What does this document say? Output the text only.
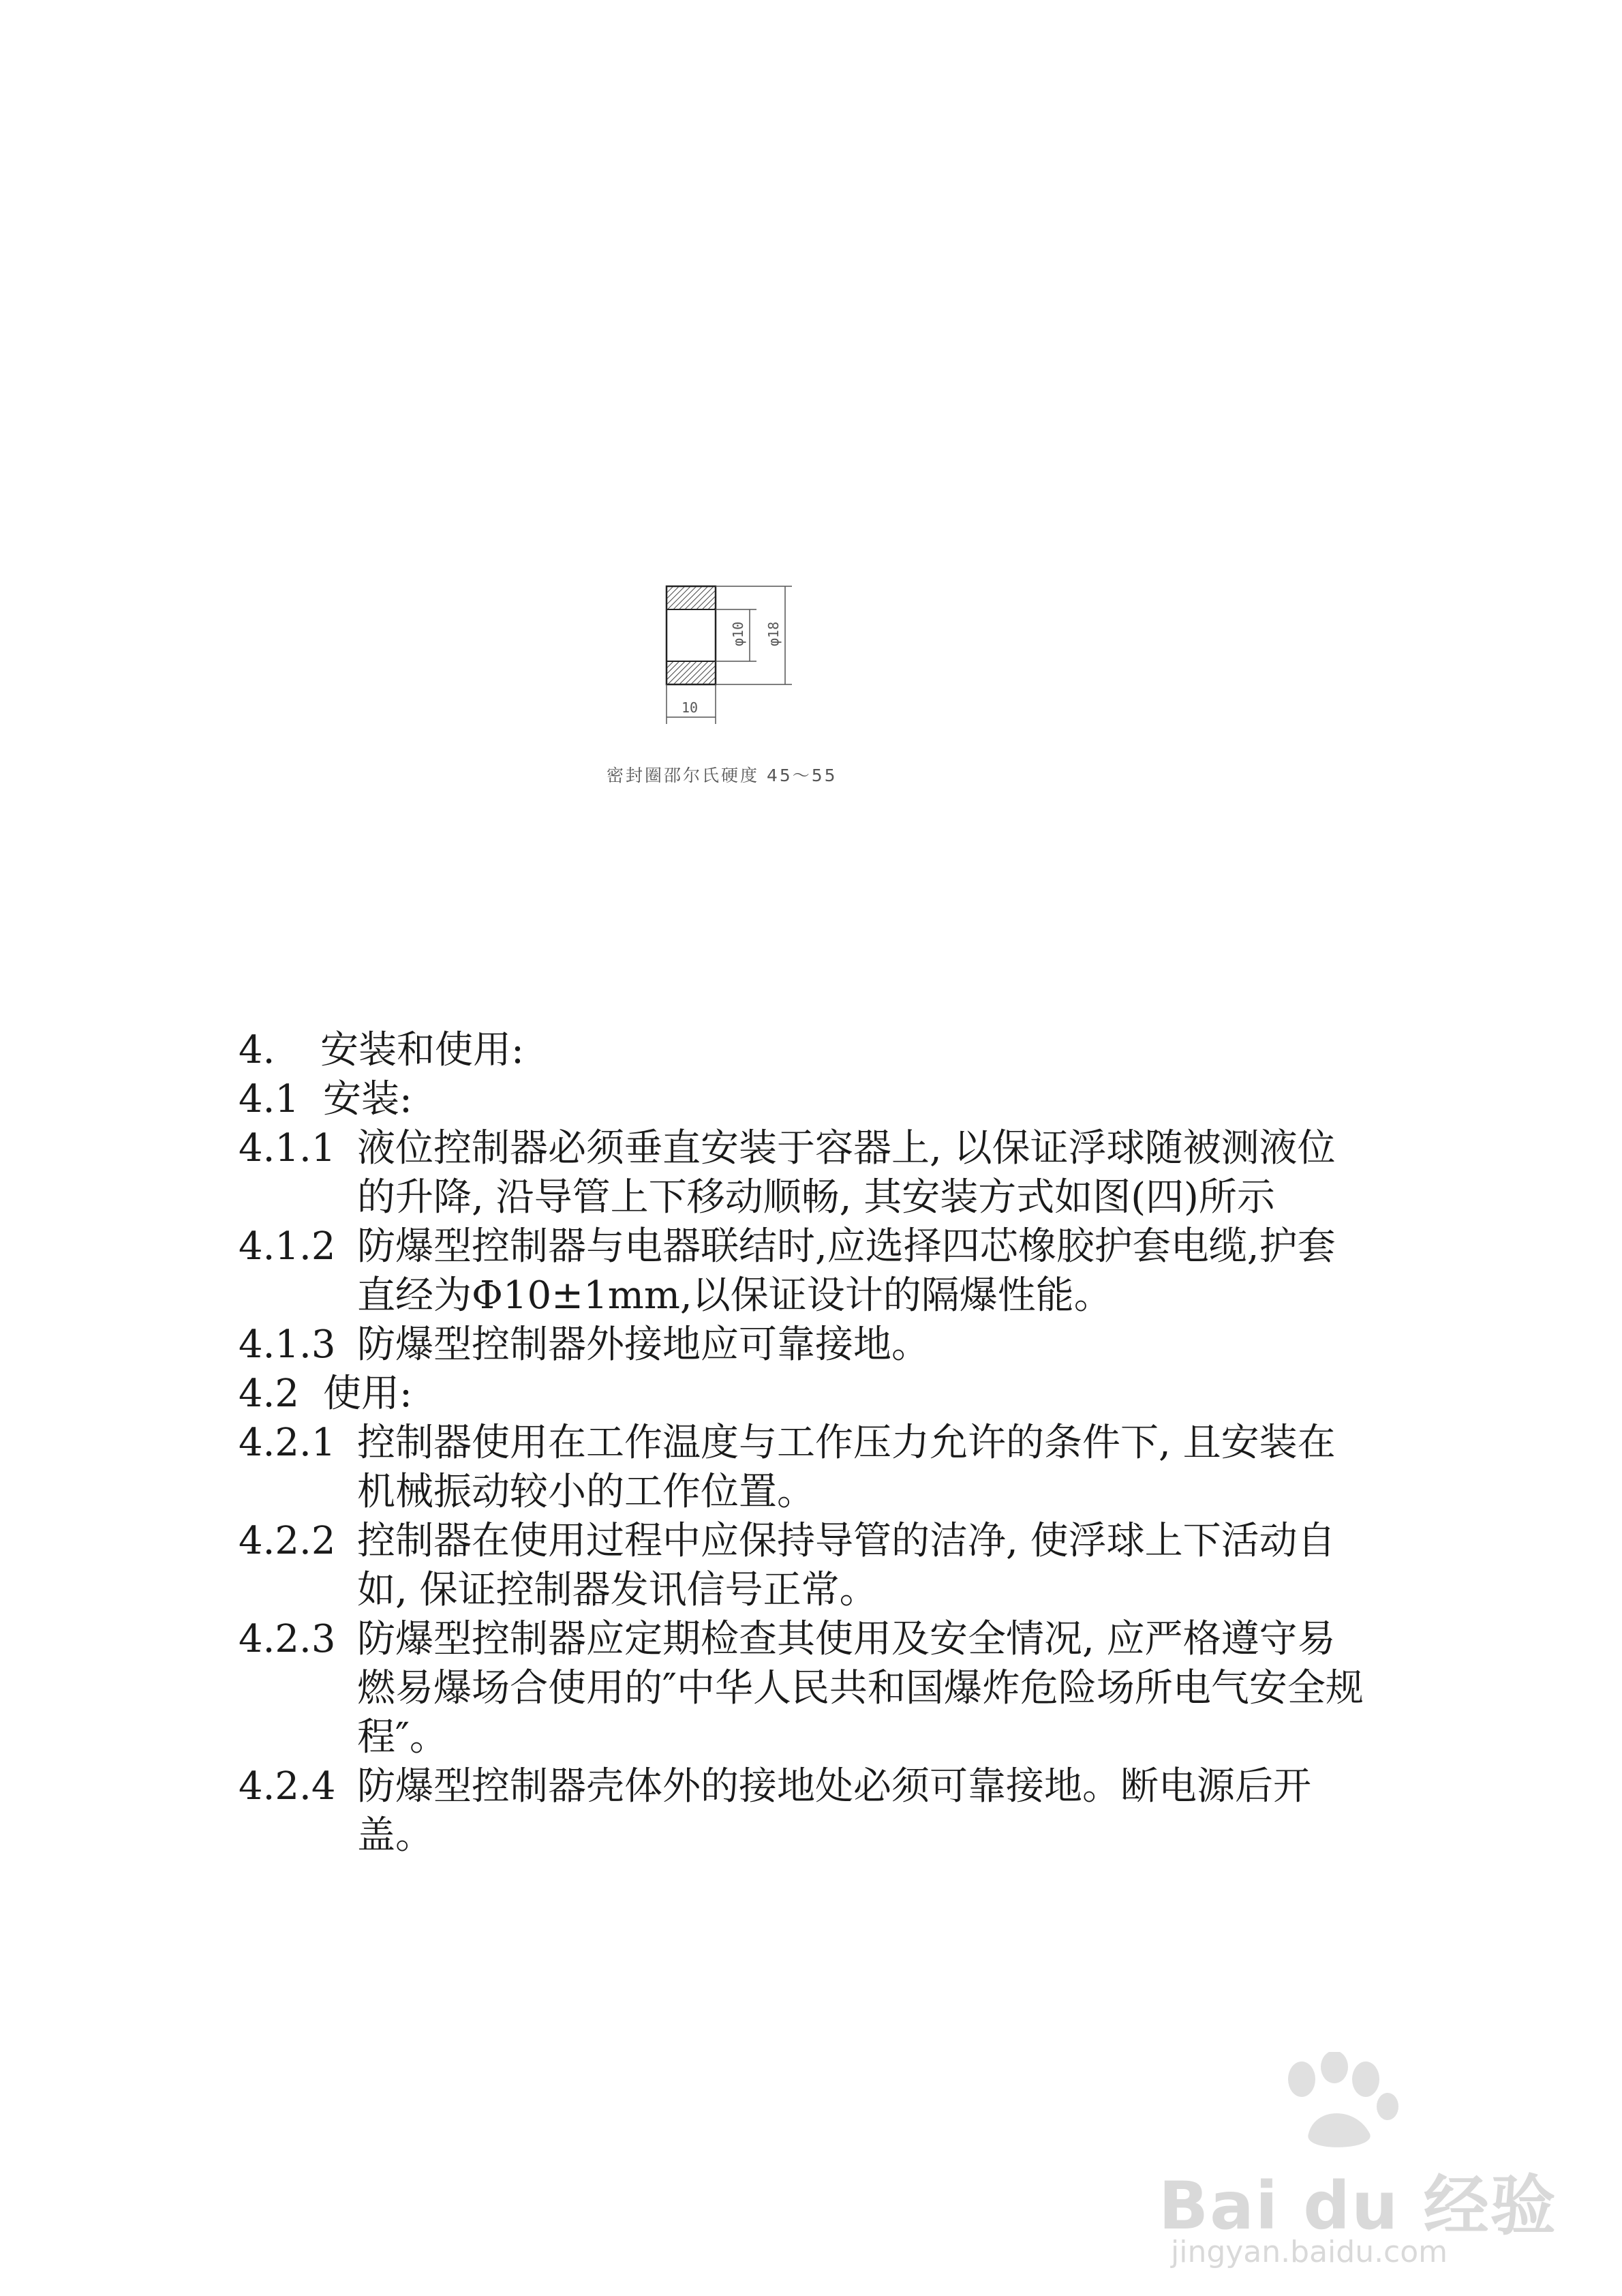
φ10 φ18
10
密封圈邵尔氏硬度 45～55

4.	安装和使用:

4.1 安装:

4.1.1 液位控制器必须垂直安装于容器上, 以保证浮球随被测液位的升降, 沿导管上下移动顺畅, 其安装方式如图(四)所示

4.1.2 防爆型控制器与电器联结时,应选择四芯橡胶护套电缆,护套直经为Φ10±1mm,以保证设计的隔爆性能。

4.1.3 防爆型控制器外接地应可靠接地。

4.2 使用:

4.2.1 控制器使用在工作温度与工作压力允许的条件下, 且安装在机械振动较小的工作位置。

4.2.2 控制器在使用过程中应保持导管的洁净, 使浮球上下活动自如, 保证控制器发讯信号正常。

4.2.3 防爆型控制器应定期检查其使用及安全情况, 应严格遵守易燃易爆场合使用的″中华人民共和国爆炸危险场所电气安全规程″。

4.2.4 防爆型控制器壳体外的接地处必须可靠接地。断电源后开盖。

Bai du 经验
jingyan.baidu.com
